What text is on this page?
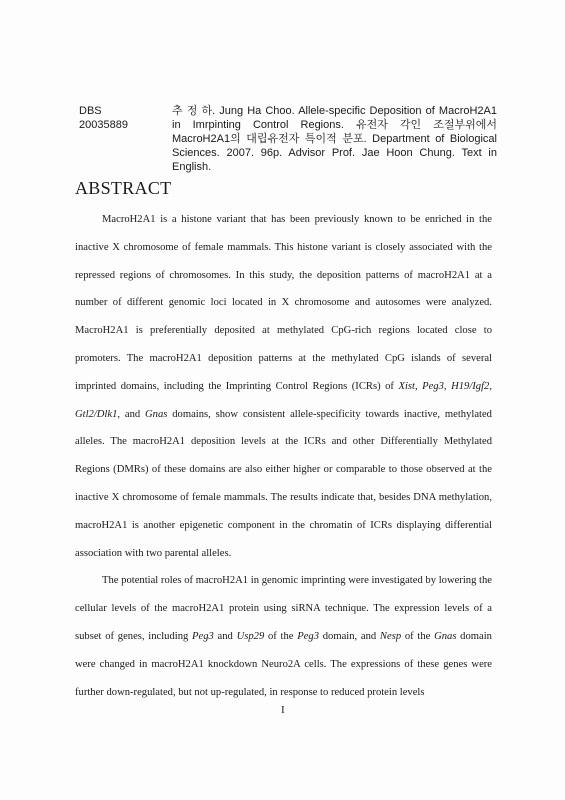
DBS
20035889
추 정 하. Jung Ha Choo. Allele-specific Deposition of MacroH2A1 in Imrpinting Control Regions. 유전자 각인 조절부위에서 MacroH2A1의 대립유전자 특이적 분포. Department of Biological Sciences. 2007. 96p. Advisor Prof. Jae Hoon Chung. Text in English.
ABSTRACT

MacroH2A1 is a histone variant that has been previously known to be enriched in the inactive X chromosome of female mammals. This histone variant is closely associated with the repressed regions of chromosomes. In this study, the deposition patterns of macroH2A1 at a number of different genomic loci located in X chromosome and autosomes were analyzed. MacroH2A1 is preferentially deposited at methylated CpG-rich regions located close to promoters. The macroH2A1 deposition patterns at the methylated CpG islands of several imprinted domains, including the Imprinting Control Regions (ICRs) of Xist, Peg3, H19/Igf2, Gtl2/Dlk1, and Gnas domains, show consistent allele-specificity towards inactive, methylated alleles. The macroH2A1 deposition levels at the ICRs and other Differentially Methylated Regions (DMRs) of these domains are also either higher or comparable to those observed at the inactive X chromosome of female mammals. The results indicate that, besides DNA methylation, macroH2A1 is another epigenetic component in the chromatin of ICRs displaying differential association with two parental alleles.

The potential roles of macroH2A1 in genomic imprinting were investigated by lowering the cellular levels of the macroH2A1 protein using siRNA technique. The expression levels of a subset of genes, including Peg3 and Usp29 of the Peg3 domain, and Nesp of the Gnas domain were changed in macroH2A1 knockdown Neuro2A cells. The expressions of these genes were further down-regulated, but not up-regulated, in response to reduced protein levels

I
